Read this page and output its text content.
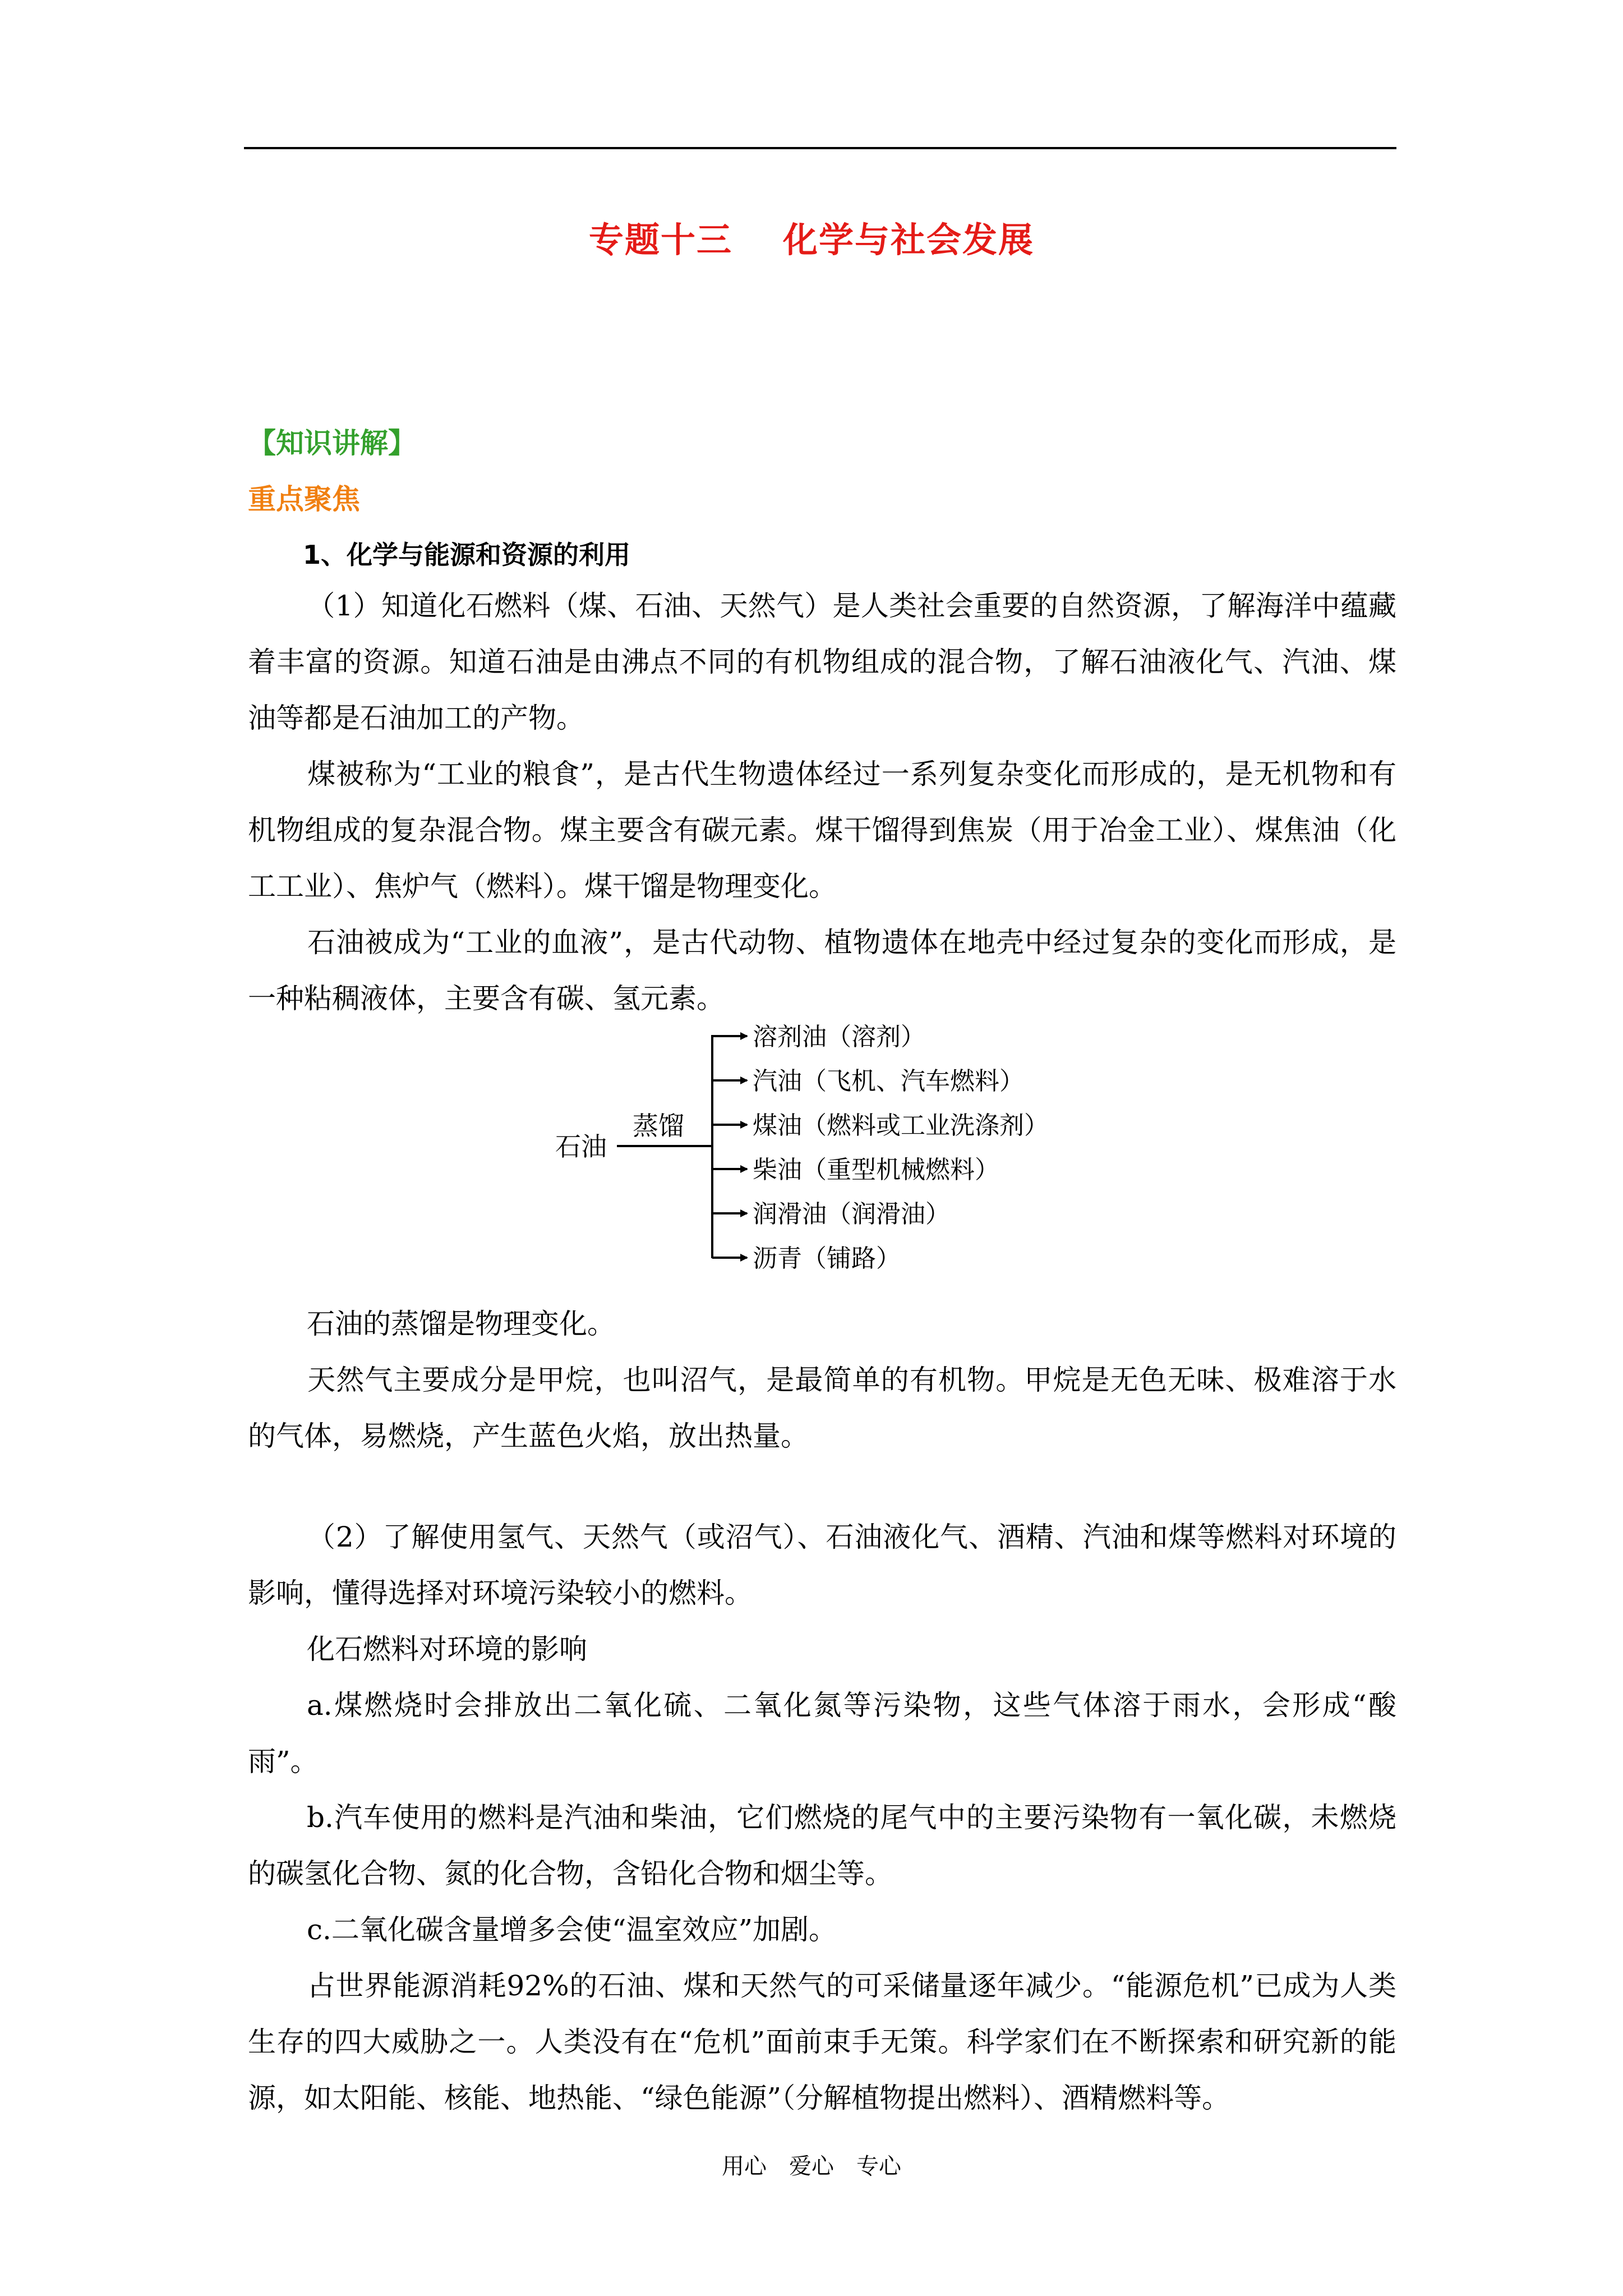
专题十三 化学与社会发展
【知识讲解】
重点聚焦
1、化学与能源和资源的利用

（1）知道化石燃料（煤、石油、天然气）是人类社会重要的自然资源，了解海洋中蕴藏着丰富的资源。知道石油是由沸点不同的有机物组成的混合物，了解石油液化气、汽油、煤油等都是石油加工的产物。

煤被称为“工业的粮食”，是古代生物遗体经过一系列复杂变化而形成的，是无机物和有机物组成的复杂混合物。煤主要含有碳元素。煤干馏得到焦炭（用于冶金工业）、煤焦油（化工工业）、焦炉气（燃料）。煤干馏是物理变化。

石油被成为“工业的血液”，是古代动物、植物遗体在地壳中经过复杂的变化而形成，是一种粘稠液体，主要含有碳、氢元素。

石油
蒸馏
溶剂油（溶剂）
汽油（飞机、汽车燃料）
煤油（燃料或工业洗涤剂）
柴油（重型机械燃料）
润滑油（润滑油）
沥青（铺路）

石油的蒸馏是物理变化。

天然气主要成分是甲烷，也叫沼气，是最简单的有机物。甲烷是无色无味、极难溶于水的气体，易燃烧，产生蓝色火焰，放出热量。

（2）了解使用氢气、天然气（或沼气）、石油液化气、酒精、汽油和煤等燃料对环境的影响，懂得选择对环境污染较小的燃料。

化石燃料对环境的影响

a.煤燃烧时会排放出二氧化硫、二氧化氮等污染物，这些气体溶于雨水，会形成“酸雨”。

b.汽车使用的燃料是汽油和柴油，它们燃烧的尾气中的主要污染物有一氧化碳，未燃烧的碳氢化合物、氮的化合物，含铅化合物和烟尘等。

c.二氧化碳含量增多会使“温室效应”加剧。

占世界能源消耗92%的石油、煤和天然气的可采储量逐年减少。“能源危机”已成为人类生存的四大威胁之一。人类没有在“危机”面前束手无策。科学家们在不断探索和研究新的能源，如太阳能、核能、地热能、“绿色能源”（分解植物提出燃料）、酒精燃料等。

用心　爱心　专心
